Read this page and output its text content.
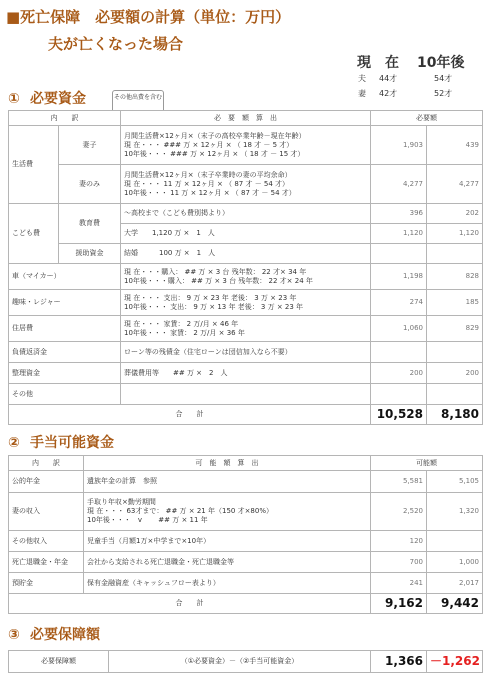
■死亡保障　必要額の計算（単位：万円）
夫が亡くなった場合
現　在 10年後
夫 44才	54才
妻 42才	52才
① 必要資金	その他出費を含む
内　　訳		必　要　額　算　出	必要額	
生活費	妻子	月間生活費×12ヶ月×（末子の高校卒業年齢－現在年齢）
現 在・・・ ### 万 × 12ヶ月 × （ 18 才 － 5 才）
10年後・・・ ### 万 × 12ヶ月 × （ 18 才 － 15 才）	1,903	439
	妻のみ	月間生活費×12ヶ月×（末子卒業時の妻の平均余命）
現 在・・・ 11 万 × 12ヶ月 × （ 87 才 － 54 才）
10年後・・・ 11 万 × 12ヶ月 × （ 87 才 － 54 才）	4,277	4,277
こども費	教育費	～高校まで（こども費別掲より）	396	202
		大学　　1,120 万 ×　1　人	1,120	1,120
	援助資金	結婚　　　100 万 ×　1　人		
車（マイカー）		現 在・・・購入： ## 万 × 3 台 残年数： 22 才× 34 年
10年後・・・購入： ## 万 × 3 台 残年数： 22 才× 24 年	1,198	828
趣味・レジャー		現 在・・・ 支出： 9 万 × 23 年 老後： 3 万 × 23 年
10年後・・・ 支出： 9 万 × 13 年 老後： 3 万 × 23 年	274	185
住居費		現 在・・・ 家賃： 2 万/月 × 46 年
10年後・・・ 家賃： 2 万/月 × 36 年	1,060	829
負債返済金		ローン等の残債金（住宅ローンは団信加入なら不要）		
整理資金		葬儀費用等　　## 万 ×　2　人	200	200
その他				
合　　計			10,528	8,180
② 手当可能資金
内　　訳	可　能　額　算　出	可能額	
公的年金	遺族年金の計算　参照	5,581	5,105
妻の収入	手取り年収×勤労期間
現 在・・・ 63才まで： ## 万 × 21 年（150 才×80%）
10年後・・・　v　　 ## 万 × 11 年	2,520	1,320
その他収入	児童手当（月額1万×中学まで×10年）	120	
死亡退職金・年金	会社から支給される死亡退職金・死亡退職金等	700	1,000
預貯金	保有金融資産（キャッシュフロー表より）	241	2,017
合　　計		9,162	9,442
③ 必要保障額
必要保障額	（①必要資金）－（②手当可能資金）	1,366	－1,262
